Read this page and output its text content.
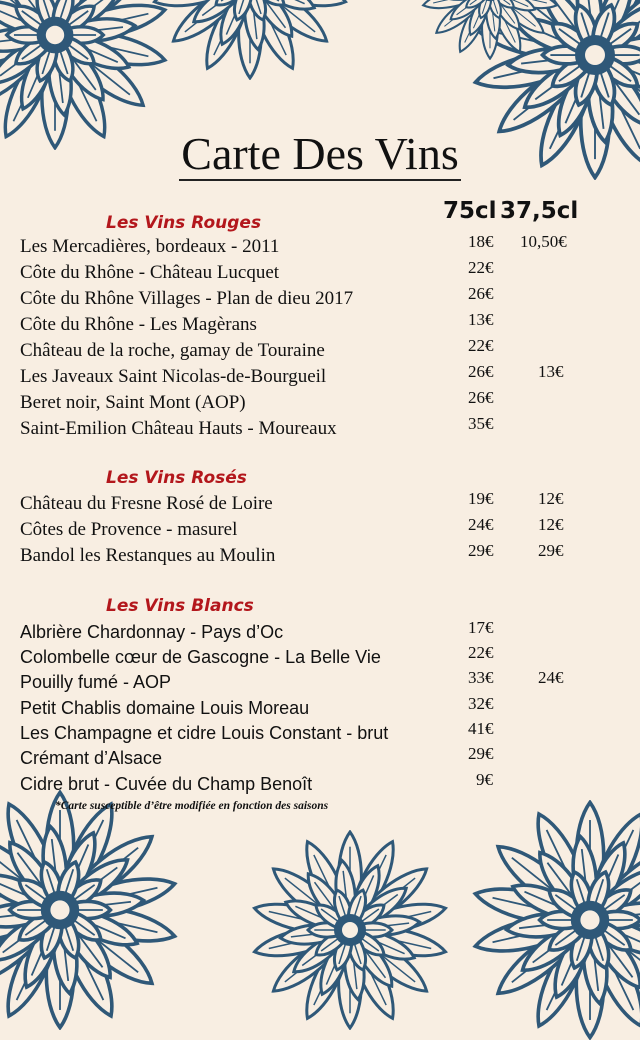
Carte Des Vins
75cl 37,5cl
Les Vins Rouges
Les Mercadières, bordeaux - 2011	18€ 10,50€
Côte du Rhône - Château Lucquet	22€
Côte du Rhône Villages - Plan de dieu 2017	26€
Côte du Rhône - Les Magèrans	13€
Château de la roche, gamay de Touraine	22€
Les Javeaux Saint Nicolas-de-Bourgueil	26€	13€
Beret noir, Saint Mont (AOP)	26€
Saint-Emilion Château Hauts - Moureaux	35€
Les Vins Rosés
Château du Fresne Rosé de Loire	19€	12€
Côtes de Provence - masurel	24€	12€
Bandol les Restanques au Moulin	29€	29€
Les Vins Blancs
Albrière Chardonnay - Pays d’Oc	17€
Colombelle cœur de Gascogne - La Belle Vie	22€
Pouilly fumé - AOP	33€	24€
Petit Chablis domaine Louis Moreau	32€
Les Champagne et cidre Louis Constant - brut	41€
Crémant d’Alsace	29€
Cidre brut - Cuvée du Champ Benoît	9€
*Carte susceptible d’être modifiée en fonction des saisons
